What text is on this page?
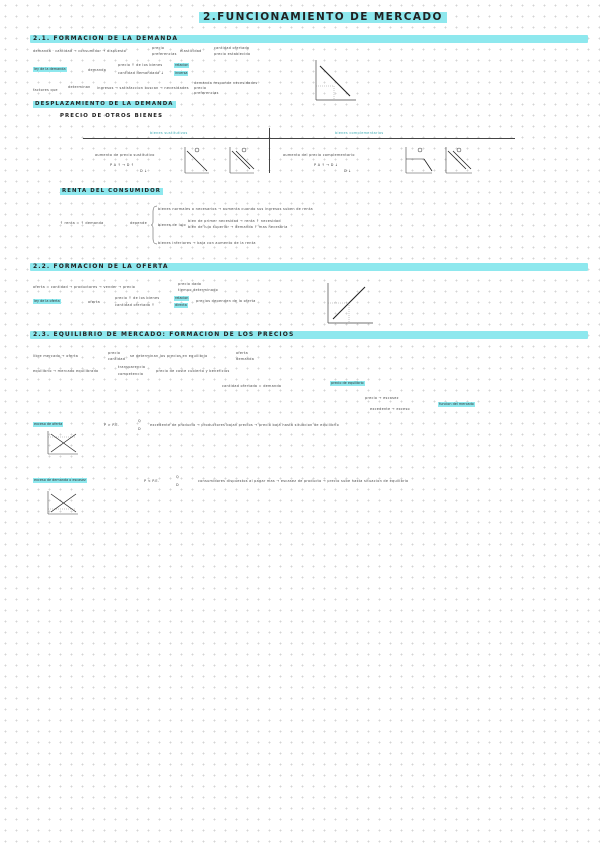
2.FUNCIONAMIENTO DE MERCADO
2.1. FORMACION DE LA DEMANDA
demanda · cantidad → consumidor → dispuesto
precio
preferencias
elasticidad
cantidad ofertada
precio establecido
ley de la demanda	demanda
precio ↑ de los bienes
cantidad demandada ↓
relacion
inversa
factores que
determinan ingresos → satisfaccion buscan → necesidades
demanda responde necesidades
precio
preferencias
DESPLAZAMIENTO DE LA DEMANDA
PRECIO DE OTROS BIENES
bienes sustitutivos	bienes complementarios
aumento de precio sustitutivo
P A ↑ → D ↑
D ↓
aumento del precio complementario
P A ↑ → D ↓
D ↓
RENTA DEL CONSUMIDOR
↑ renta = ↑ demanda	depende
bienes normales o necesarios → aumenta cuando sus ingresos suben de renta
bienes de lujo
bien de primer necesidad → renta ↑ necesidad
bien de lujo superior → demanda ↑ mas necesaria
bienes inferiores → baja con aumento de la renta
2.2. FORMACION DE LA OFERTA
oferta = cantidad → productores → vender → precio
precio dado
tiempo determinado
ley de la oferta	oferta
precio ↑ de los bienes
cantidad ofertada ↑
relacion
directa
precios dependen de la oferta
2.3. EQUILIBRIO DE MERCADO: FORMACION DE LOS PRECIOS
libre mercado → oferta
precio
cantidad
se determinan los precios en equilibrio
oferta
demanda
equilibrio → mercado equilibrado
transparencia
competencia
precio de coste cubierto y beneficios
cantidad ofertada = demanda
precio de equilibrio
precio → escasez
excedente → exceso
funcion del mercado
exceso de oferta	P > P.E.
Q
D
excedente de producto → productores bajan precios → precio baja hasta situacion de equilibrio
exceso de demanda o escasez	P < P.E.
Q
D
consumidores dispuestos al pagar mas → escasez de producto → precio sube hasta situacion de equilibrio
